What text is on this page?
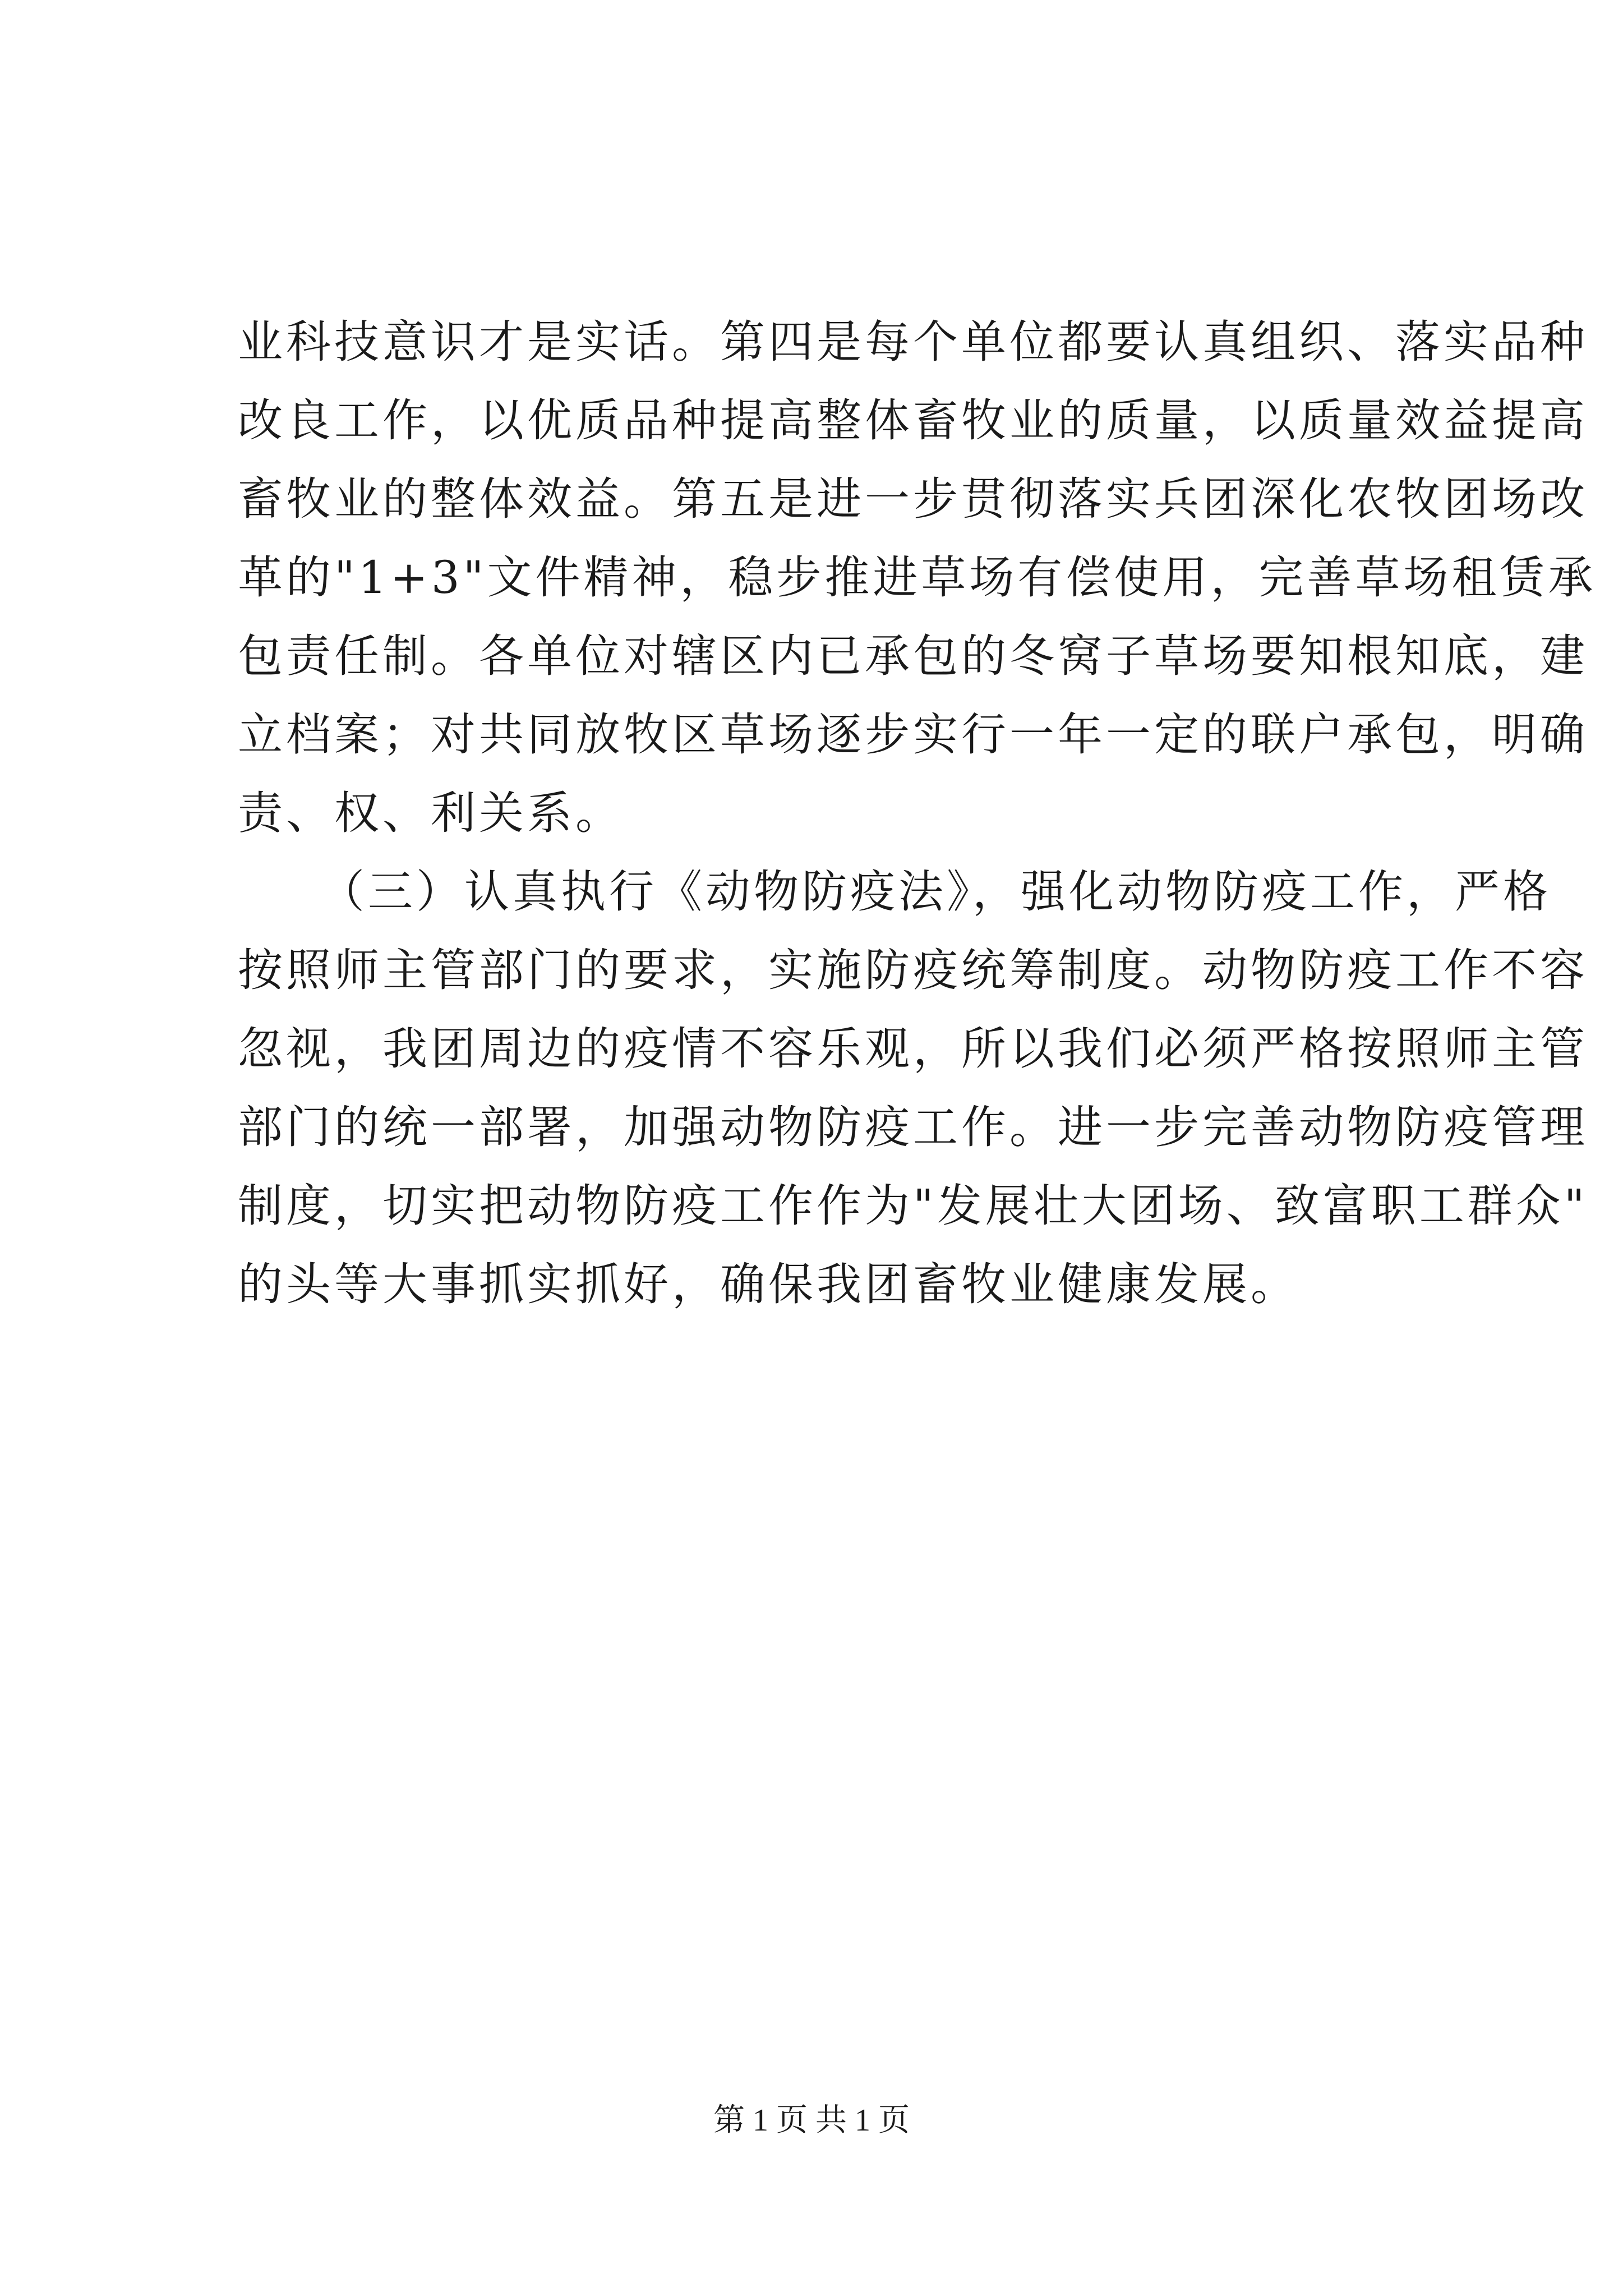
业科技意识才是实话。第四是每个单位都要认真组织、落实品种
改良工作，以优质品种提高整体畜牧业的质量，以质量效益提高
畜牧业的整体效益。第五是进一步贯彻落实兵团深化农牧团场改
革的"1+3"文件精神，稳步推进草场有偿使用，完善草场租赁承
包责任制。各单位对辖区内已承包的冬窝子草场要知根知底，建
立档案；对共同放牧区草场逐步实行一年一定的联户承包，明确
责、权、利关系。
（三）认真执行《动物防疫法》，强化动物防疫工作，严格
按照师主管部门的要求，实施防疫统筹制度。动物防疫工作不容
忽视，我团周边的疫情不容乐观，所以我们必须严格按照师主管
部门的统一部署，加强动物防疫工作。进一步完善动物防疫管理
制度，切实把动物防疫工作作为"发展壮大团场、致富职工群众"
的头等大事抓实抓好，确保我团畜牧业健康发展。
第 1 页 共 1 页
